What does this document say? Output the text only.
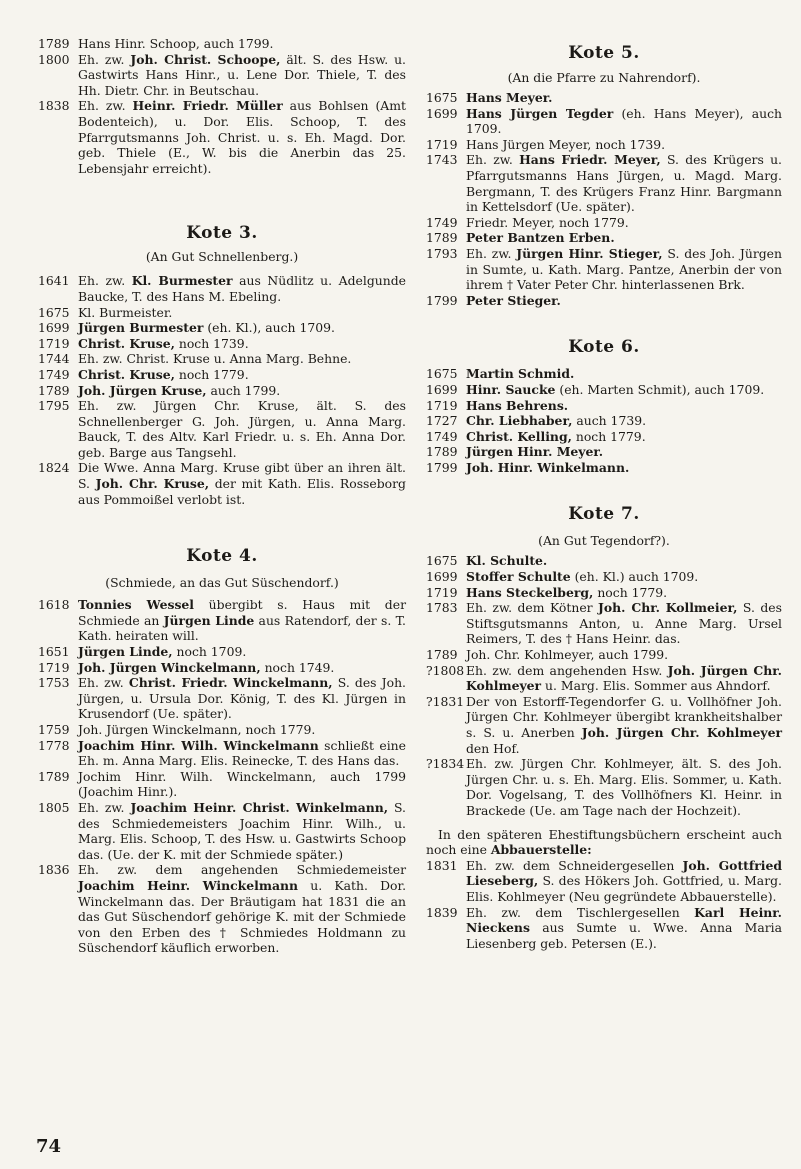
1789 Hans Hinr. Schoop, auch 1799.
1800 Eh. zw. Joh. Christ. Schoope, ält. S. des Hsw. u. Gastwirts Hans Hinr., u. Lene Dor. Thiele, T. des Hh. Dietr. Chr. in Beutschau.
1838 Eh. zw. Heinr. Friedr. Müller aus Bohlsen (Amt Bodenteich), u. Dor. Elis. Schoop, T. des Pfarrgutsmanns Joh. Christ. u. s. Eh. Magd. Dor. geb. Thiele (E., W. bis die Anerbin das 25. Lebensjahr erreicht).
Kote 3.
(An Gut Schnellenberg.)
1641 Eh. zw. Kl. Burmester aus Nüdlitz u. Adelgunde Baucke, T. des Hans M. Ebeling.
1675 Kl. Burmeister.
1699 Jürgen Burmester (eh. Kl.), auch 1709.
1719 Christ. Kruse, noch 1739.
1744 Eh. zw. Christ. Kruse u. Anna Marg. Behne.
1749 Christ. Kruse, noch 1779.
1789 Joh. Jürgen Kruse, auch 1799.
1795 Eh. zw. Jürgen Chr. Kruse, ält. S. des Schnellenberger G. Joh. Jürgen, u. Anna Marg. Bauck, T. des Altv. Karl Friedr. u. s. Eh. Anna Dor. geb. Barge aus Tangsehl.
1824 Die Wwe. Anna Marg. Kruse gibt über an ihren ält. S. Joh. Chr. Kruse, der mit Kath. Elis. Rosseborg aus Pommoißel verlobt ist.
Kote 4.
(Schmiede, an das Gut Süschendorf.)
1618 Tonnies Wessel übergibt s. Haus mit der Schmiede an Jürgen Linde aus Ratendorf, der s. T. Kath. heiraten will.
1651 Jürgen Linde, noch 1709.
1719 Joh. Jürgen Winckelmann, noch 1749.
1753 Eh. zw. Christ. Friedr. Winckelmann, S. des Joh. Jürgen, u. Ursula Dor. König, T. des Kl. Jürgen in Krusendorf (Ue. später).
1759 Joh. Jürgen Winckelmann, noch 1779.
1778 Joachim Hinr. Wilh. Winckelmann schließt eine Eh. m. Anna Marg. Elis. Reinecke, T. des Hans das.
1789 Jochim Hinr. Wilh. Winckelmann, auch 1799 (Joachim Hinr.).
1805 Eh. zw. Joachim Heinr. Christ. Winkelmann, S. des Schmiedemeisters Joachim Hinr. Wilh., u. Marg. Elis. Schoop, T. des Hsw. u. Gastwirts Schoop das. (Ue. der K. mit der Schmiede später.)
1836 Eh. zw. dem angehenden Schmiedemeister Joachim Heinr. Winckelmann u. Kath. Dor. Winckelmann das. Der Bräutigam hat 1831 die an das Gut Süschendorf gehörige K. mit der Schmiede von den Erben des † Schmiedes Holdmann zu Süschendorf käuflich erworben.
Kote 5.
(An die Pfarre zu Nahrendorf).
1675 Hans Meyer.
1699 Hans Jürgen Tegder (eh. Hans Meyer), auch 1709.
1719 Hans Jürgen Meyer, noch 1739.
1743 Eh. zw. Hans Friedr. Meyer, S. des Krügers u. Pfarrgutsmanns Hans Jürgen, u. Magd. Marg. Bergmann, T. des Krügers Franz Hinr. Bargmann in Kettelsdorf (Ue. später).
1749 Friedr. Meyer, noch 1779.
1789 Peter Bantzen Erben.
1793 Eh. zw. Jürgen Hinr. Stieger, S. des Joh. Jürgen in Sumte, u. Kath. Marg. Pantze, Anerbin der von ihrem † Vater Peter Chr. hinterlassenen Brk.
1799 Peter Stieger.
Kote 6.
1675 Martin Schmid.
1699 Hinr. Saucke (eh. Marten Schmit), auch 1709.
1719 Hans Behrens.
1727 Chr. Liebhaber, auch 1739.
1749 Christ. Kelling, noch 1779.
1789 Jürgen Hinr. Meyer.
1799 Joh. Hinr. Winkelmann.
Kote 7.
(An Gut Tegendorf?).
1675 Kl. Schulte.
1699 Stoffer Schulte (eh. Kl.) auch 1709.
1719 Hans Steckelberg, noch 1779.
1783 Eh. zw. dem Kötner Joh. Chr. Kollmeier, S. des Stiftsgutsmanns Anton, u. Anne Marg. Ursel Reimers, T. des † Hans Heinr. das.
1789 Joh. Chr. Kohlmeyer, auch 1799.
?1808 Eh. zw. dem angehenden Hsw. Joh. Jürgen Chr. Kohlmeyer u. Marg. Elis. Sommer aus Ahndorf.
?1831 Der von Estorff-Tegendorfer G. u. Vollhöfner Joh. Jürgen Chr. Kohlmeyer übergibt krankheitshalber s. S. u. Anerben Joh. Jürgen Chr. Kohlmeyer den Hof.
?1834 Eh. zw. Jürgen Chr. Kohlmeyer, ält. S. des Joh. Jürgen Chr. u. s. Eh. Marg. Elis. Sommer, u. Kath. Dor. Vogelsang, T. des Vollhöfners Kl. Heinr. in Brackede (Ue. am Tage nach der Hochzeit).
In den späteren Ehestiftungsbüchern erscheint auch noch eine Abbauerstelle:
1831 Eh. zw. dem Schneidergesellen Joh. Gottfried Lieseberg, S. des Hökers Joh. Gottfried, u. Marg. Elis. Kohlmeyer (Neu gegründete Abbauerstelle).
1839 Eh. zw. dem Tischlergesellen Karl Heinr. Nieckens aus Sumte u. Wwe. Anna Maria Liesenberg geb. Petersen (E.).
74
